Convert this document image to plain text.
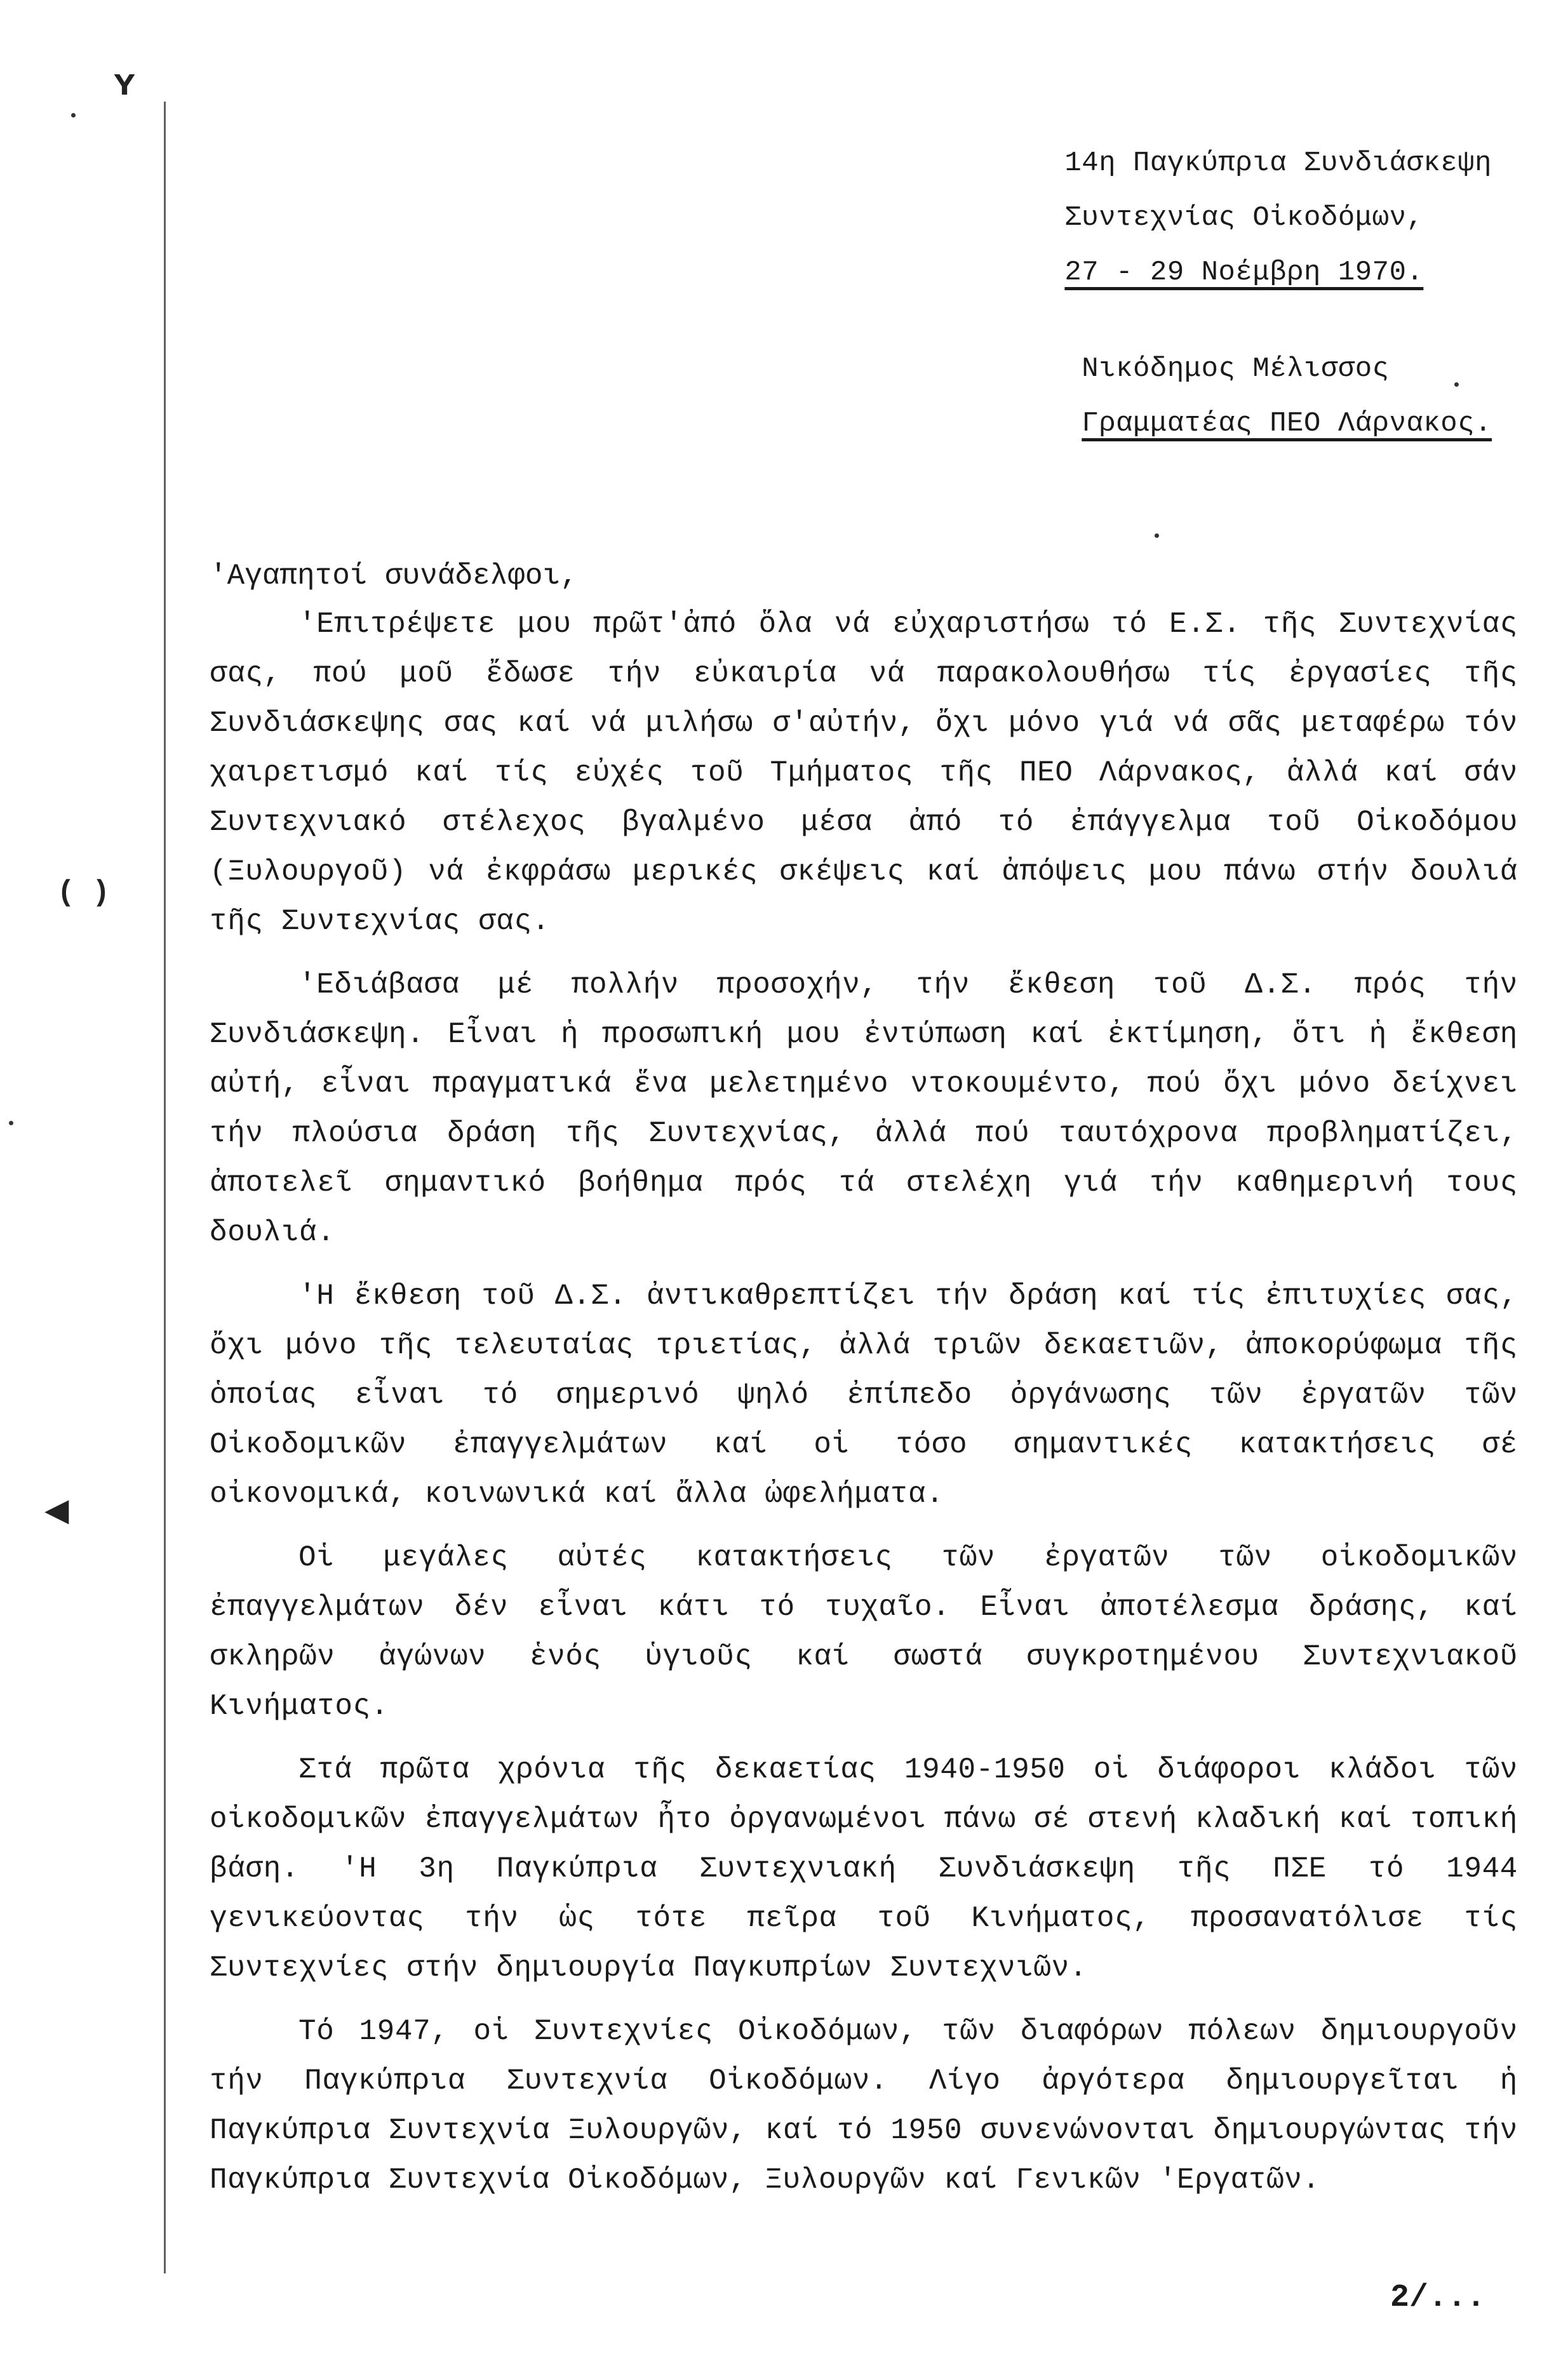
ʏ
( )
◀
14η Παγκύπρια Συνδιάσκεψη
Συντεχνίας Οἰκοδόμων,
27 - 29 Νοέμβρη 1970.
Νικόδημος Μέλισσος
Γραμματέας ΠΕΟ Λάρνακος.
'Αγαπητοί συνάδελφοι,

'Επιτρέψετε μου πρῶτ'ἀπό ὅλα νά εὐχαριστήσω τό Ε.Σ. τῆς Συντεχνίας σας, πού μοῦ ἔδωσε τήν εὐκαιρία νά παρακολουθήσω τίς ἐργασίες τῆς Συνδιάσκεψης σας καί νά μιλήσω σ'αὐτήν, ὄχι μόνο γιά νά σᾶς μεταφέρω τόν χαιρετισμό καί τίς εὐχές τοῦ Τμήματος τῆς ΠΕΟ Λάρνακος, ἀλλά καί σάν Συντεχνιακό στέλεχος βγαλμένο μέσα ἀπό τό ἐπάγγελμα τοῦ Οἰκοδόμου (Ξυλουργοῦ) νά ἐκφράσω μερικές σκέψεις καί ἀπόψεις μου πάνω στήν δουλιά τῆς Συντεχνίας σας.

'Εδιάβασα μέ πολλήν προσοχήν, τήν ἔκθεση τοῦ Δ.Σ. πρός τήν Συνδιάσκεψη. Εἶναι ἡ προσωπική μου ἐντύπωση καί ἐκτίμηση, ὅτι ἡ ἔκθεση αὐτή, εἶναι πραγματικά ἕνα μελετημένο ντοκουμέντο, πού ὄχι μόνο δείχνει τήν πλούσια δράση τῆς Συντεχνίας, ἀλλά πού ταυτόχρονα προβληματίζει, ἀποτελεῖ σημαντικό βοήθημα πρός τά στελέχη γιά τήν καθημερινή τους δουλιά.

'Η ἔκθεση τοῦ Δ.Σ. ἀντικαθρεπτίζει τήν δράση καί τίς ἐπιτυχίες σας, ὄχι μόνο τῆς τελευταίας τριετίας, ἀλλά τριῶν δεκαετιῶν, ἀποκορύφωμα τῆς ὁποίας εἶναι τό σημερινό ψηλό ἐπίπεδο ὀργάνωσης τῶν ἐργατῶν τῶν Οἰκοδομικῶν ἐπαγγελμάτων καί οἱ τόσο σημαντικές κατακτήσεις σέ οἰκονομικά, κοινωνικά καί ἄλλα ὠφελήματα.

Οἱ μεγάλες αὐτές κατακτήσεις τῶν ἐργατῶν τῶν οἰκοδομικῶν ἐπαγγελμάτων δέν εἶναι κάτι τό τυχαῖο. Εἶναι ἀποτέλεσμα δράσης, καί σκληρῶν ἀγώνων ἑνός ὑγιοῦς καί σωστά συγκροτημένου Συντεχνιακοῦ Κινήματος.

Στά πρῶτα χρόνια τῆς δεκαετίας 1940-1950 οἱ διάφοροι κλάδοι τῶν οἰκοδομικῶν ἐπαγγελμάτων ἦτο ὀργανωμένοι πάνω σέ στενή κλαδική καί τοπική βάση. 'Η 3η Παγκύπρια Συντεχνιακή Συνδιάσκεψη τῆς ΠΣΕ τό 1944 γενικεύοντας τήν ὡς τότε πεῖρα τοῦ Κινήματος, προσανατόλισε τίς Συντεχνίες στήν δημιουργία Παγκυπρίων Συντεχνιῶν.

Τό 1947, οἱ Συντεχνίες Οἰκοδόμων, τῶν διαφόρων πόλεων δημιουργοῦν τήν Παγκύπρια Συντεχνία Οἰκοδόμων. Λίγο ἀργότερα δημιουργεῖται ἡ Παγκύπρια Συντεχνία Ξυλουργῶν, καί τό 1950 συνενώνονται δημιουργώντας τήν Παγκύπρια Συντεχνία Οἰκοδόμων, Ξυλουργῶν καί Γενικῶν 'Εργατῶν.

2/...
